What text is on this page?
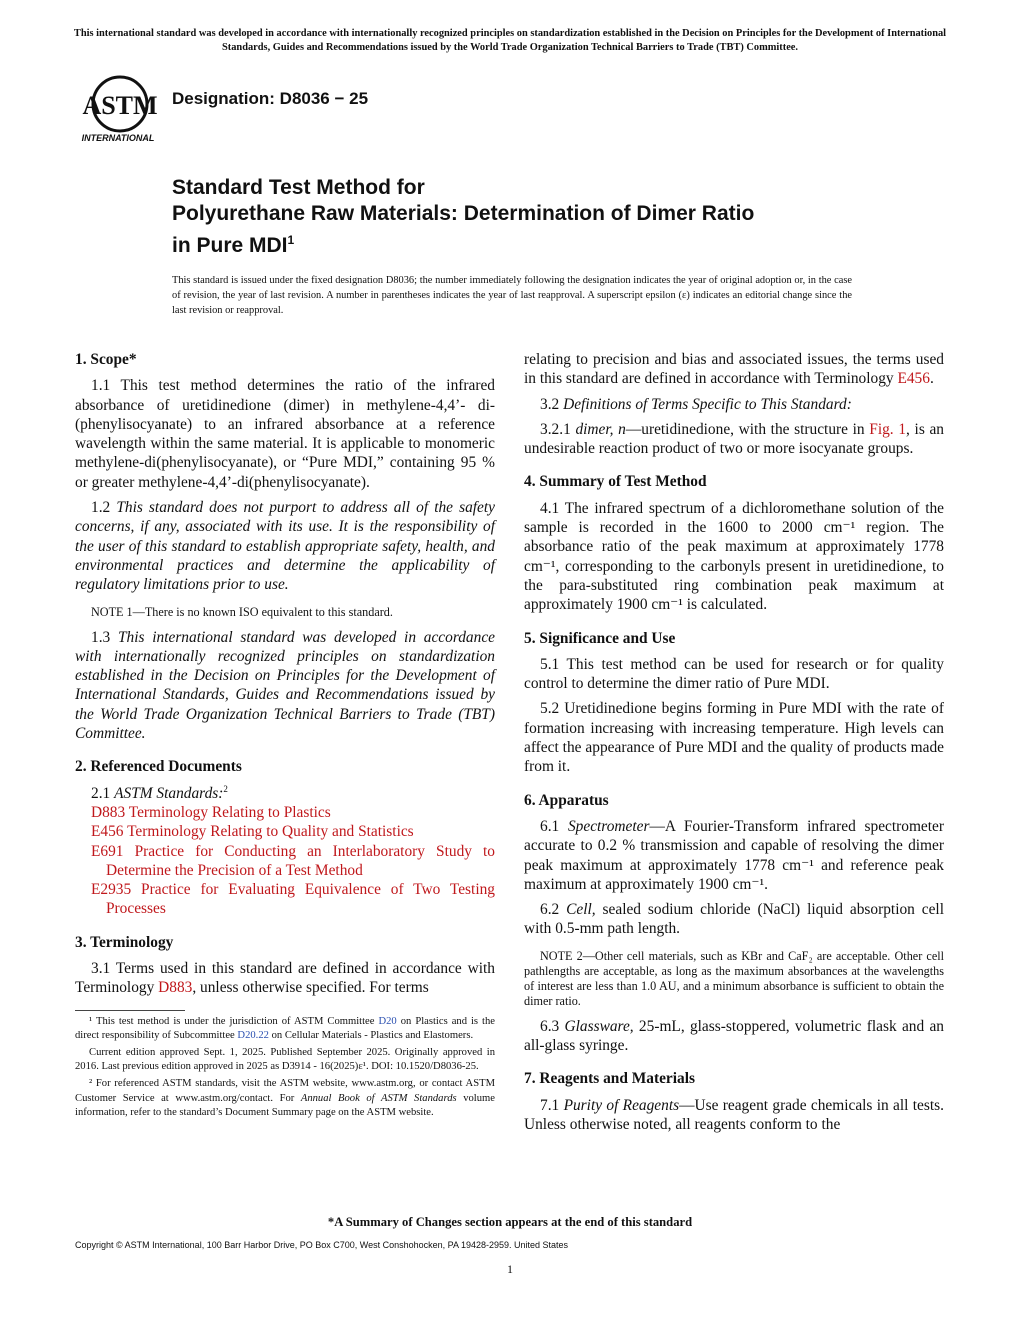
This international standard was developed in accordance with internationally recognized principles on standardization established in the Decision on Principles for the Development of International Standards, Guides and Recommendations issued by the World Trade Organization Technical Barriers to Trade (TBT) Committee.
ASTM
INTERNATIONAL
Designation: D8036 − 25
Standard Test Method for
Polyurethane Raw Materials: Determination of Dimer Ratio
in Pure MDI$^1$
This standard is issued under the fixed designation D8036; the number immediately following the designation indicates the year of original adoption or, in the case of revision, the year of last revision. A number in parentheses indicates the year of last reapproval. A superscript epsilon (ε) indicates an editorial change since the last revision or reapproval.

1. Scope*

1.1 This test method determines the ratio of the infrared absorbance of uretidinedione (dimer) in methylene-4,4’- di-(phenylisocyanate) to an infrared absorbance at a reference wavelength within the same material. It is applicable to monomeric methylene-di(phenylisocyanate), or “Pure MDI,” containing 95 % or greater methylene-4,4’-di(phenylisocyanate).

1.2 This standard does not purport to address all of the safety concerns, if any, associated with its use. It is the responsibility of the user of this standard to establish appropriate safety, health, and environmental practices and determine the applicability of regulatory limitations prior to use.

NOTE 1—There is no known ISO equivalent to this standard.

1.3 This international standard was developed in accordance with internationally recognized principles on standardization established in the Decision on Principles for the Development of International Standards, Guides and Recommendations issued by the World Trade Organization Technical Barriers to Trade (TBT) Committee.

2. Referenced Documents

2.1 ASTM Standards:$^2$

D883 Terminology Relating to Plastics

E456 Terminology Relating to Quality and Statistics

E691 Practice for Conducting an Interlaboratory Study to Determine the Precision of a Test Method

E2935 Practice for Evaluating Equivalence of Two Testing Processes

3. Terminology

3.1 Terms used in this standard are defined in accordance with Terminology D883, unless otherwise specified. For terms

¹ This test method is under the jurisdiction of ASTM Committee D20 on Plastics and is the direct responsibility of Subcommittee D20.22 on Cellular Materials - Plastics and Elastomers.

Current edition approved Sept. 1, 2025. Published September 2025. Originally approved in 2016. Last previous edition approved in 2025 as D3914 - 16(2025)ε¹. DOI: 10.1520/D8036-25.

² For referenced ASTM standards, visit the ASTM website, www.astm.org, or contact ASTM Customer Service at www.astm.org/contact. For Annual Book of ASTM Standards volume information, refer to the standard’s Document Summary page on the ASTM website.

relating to precision and bias and associated issues, the terms used in this standard are defined in accordance with Terminology E456.

3.2 Definitions of Terms Specific to This Standard:

3.2.1 dimer, n—uretidinedione, with the structure in Fig. 1, is an undesirable reaction product of two or more isocyanate groups.

4. Summary of Test Method

4.1 The infrared spectrum of a dichloromethane solution of the sample is recorded in the 1600 to 2000 cm⁻¹ region. The absorbance ratio of the peak maximum at approximately 1778 cm⁻¹, corresponding to the carbonyls present in uretidinedione, to the para-substituted ring combination peak maximum at approximately 1900 cm⁻¹ is calculated.

5. Significance and Use

5.1 This test method can be used for research or for quality control to determine the dimer ratio of Pure MDI.

5.2 Uretidinedione begins forming in Pure MDI with the rate of formation increasing with increasing temperature. High levels can affect the appearance of Pure MDI and the quality of products made from it.

6. Apparatus

6.1 Spectrometer—A Fourier-Transform infrared spectrometer accurate to 0.2 % transmission and capable of resolving the dimer peak maximum at approximately 1778 cm⁻¹ and reference peak maximum at approximately 1900 cm⁻¹.

6.2 Cell, sealed sodium chloride (NaCl) liquid absorption cell with 0.5-mm path length.

NOTE 2—Other cell materials, such as KBr and CaF₂ are acceptable. Other cell pathlengths are acceptable, as long as the maximum absorbances at the wavelengths of interest are less than 1.0 AU, and a minimum absorbance is sufficient to obtain the dimer ratio.

6.3 Glassware, 25-mL, glass-stoppered, volumetric flask and an all-glass syringe.

7. Reagents and Materials

7.1 Purity of Reagents—Use reagent grade chemicals in all tests. Unless otherwise noted, all reagents conform to the

*A Summary of Changes section appears at the end of this standard
Copyright © ASTM International, 100 Barr Harbor Drive, PO Box C700, West Conshohocken, PA 19428-2959. United States
1
